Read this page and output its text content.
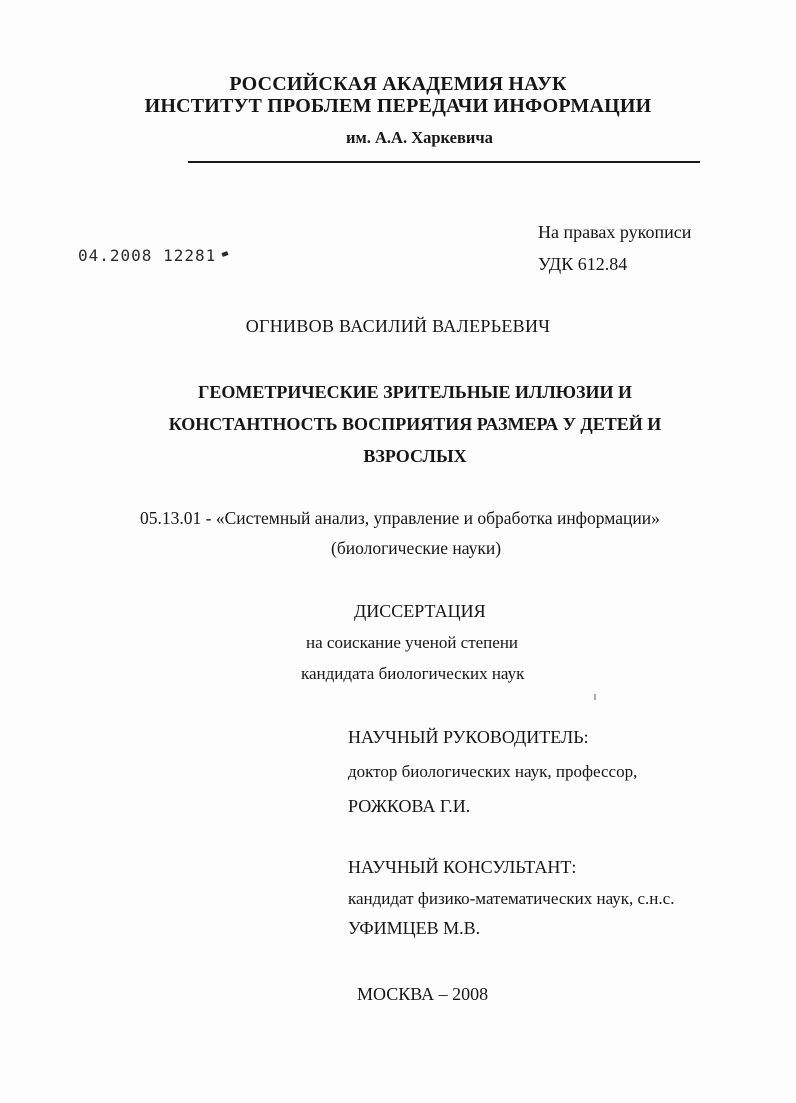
РОССИЙСКАЯ АКАДЕМИЯ НАУК
ИНСТИТУТ ПРОБЛЕМ ПЕРЕДАЧИ ИНФОРМАЦИИ
им. А.А. Харкевича
04.2008 12281
На правах рукописи
УДК 612.84
ОГНИВОВ ВАСИЛИЙ ВАЛЕРЬЕВИЧ
ГЕОМЕТРИЧЕСКИЕ ЗРИТЕЛЬНЫЕ ИЛЛЮЗИИ И КОНСТАНТНОСТЬ ВОСПРИЯТИЯ РАЗМЕРА У ДЕТЕЙ И ВЗРОСЛЫХ
05.13.01 - «Системный анализ, управление и обработка информации»
(биологические науки)
ДИССЕРТАЦИЯ
на соискание ученой степени
кандидата биологических наук
НАУЧНЫЙ РУКОВОДИТЕЛЬ:
доктор биологических наук, профессор,
РОЖКОВА Г.И.
НАУЧНЫЙ КОНСУЛЬТАНТ:
кандидат физико-математических наук, с.н.с.
УФИМЦЕВ М.В.
МОСКВА – 2008
